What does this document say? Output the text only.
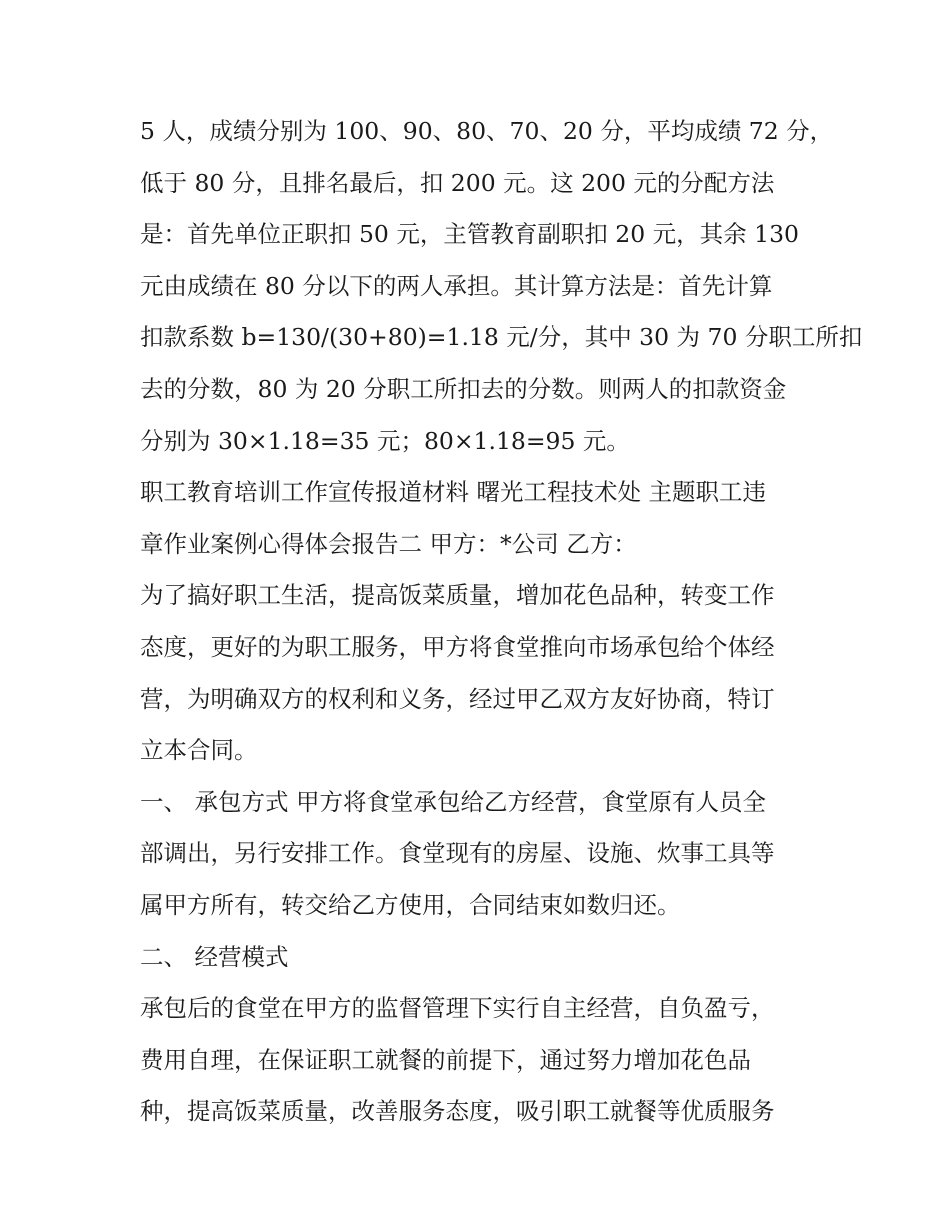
5 人，成绩分别为 100、90、80、70、20 分，平均成绩 72 分，
低于 80 分，且排名最后，扣 200 元。这 200 元的分配方法
是：首先单位正职扣 50 元，主管教育副职扣 20 元，其余 130
元由成绩在 80 分以下的两人承担。其计算方法是：首先计算
扣款系数 b=130/(30+80)=1.18 元/分，其中 30 为 70 分职工所扣
去的分数，80 为 20 分职工所扣去的分数。则两人的扣款资金
分别为 30×1.18=35 元；80×1.18=95 元。
职工教育培训工作宣传报道材料 曙光工程技术处 主题职工违
章作业案例心得体会报告二 甲方：*公司 乙方：
为了搞好职工生活，提高饭菜质量，增加花色品种，转变工作
态度，更好的为职工服务，甲方将食堂推向市场承包给个体经
营，为明确双方的权利和义务，经过甲乙双方友好协商，特订
立本合同。
一、 承包方式 甲方将食堂承包给乙方经营，食堂原有人员全
部调出，另行安排工作。食堂现有的房屋、设施、炊事工具等
属甲方所有，转交给乙方使用，合同结束如数归还。
二、 经营模式
承包后的食堂在甲方的监督管理下实行自主经营，自负盈亏，
费用自理，在保证职工就餐的前提下，通过努力增加花色品
种，提高饭菜质量，改善服务态度，吸引职工就餐等优质服务
